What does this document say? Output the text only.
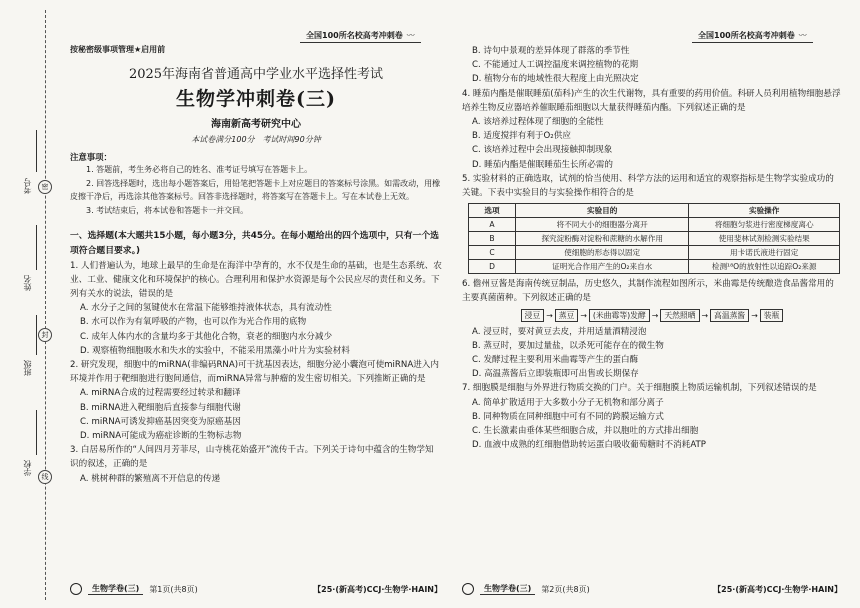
考号
姓名
班级
学校
密
封
线
全国100所名校高考冲刺卷 〰	全国100所名校高考冲刺卷 〰
按秘密级事项管理★启用前
2025年海南省普通高中学业水平选择性考试
生物学冲刺卷(三)
海南新高考研究中心
本试卷满分100分　考试时间90分钟
注意事项：
1. 答题前，考生务必将自己的姓名、准考证号填写在答题卡上。
2. 回答选择题时，选出每小题答案后，用铅笔把答题卡上对应题目的答案标号涂黑。如需改动，用橡皮擦干净后，再选涂其他答案标号。回答非选择题时，将答案写在答题卡上。写在本试卷上无效。
3. 考试结束后，将本试卷和答题卡一并交回。
一、选择题(本大题共15小题，每小题3分，共45分。在每小题给出的四个选项中，只有一个选项符合题目要求。)
1. 人们普遍认为，地球上最早的生命是在海洋中孕育的，水不仅是生命的基础，也是生态系统、农业、工业、健康文化和环境保护的核心。合理利用和保护水资源是每个公民应尽的责任和义务。下列有关水的说法，错误的是
A. 水分子之间的氢键使水在常温下能够维持液体状态，具有流动性
B. 水可以作为有氧呼吸的产物，也可以作为光合作用的底物
C. 成年人体内水的含量均多于其他化合物，衰老的细胞内水分减少
D. 观察植物细胞吸水和失水的实验中，不能采用黑藻小叶片为实验材料
2. 研究发现，细胞中的miRNA(非编码RNA)可干扰基因表达，细胞分泌小囊泡可使miRNA进入内环境并作用于靶细胞进行胞间通信，而miRNA异常与肿瘤的发生密切相关。下列推断正确的是
A. miRNA合成的过程需要经过转录和翻译
B. miRNA进入靶细胞后直接参与细胞代谢
C. miRNA可诱发抑癌基因突变为原癌基因
D. miRNA可能成为癌症诊断的生物标志物
3. 白居易所作的“人间四月芳菲尽，山寺桃花始盛开”流传千古。下列关于诗句中蕴含的生物学知识的叙述，正确的是
A. 桃树种群的繁殖离不开信息的传递
生物学卷(三)	第1页(共8页)	【25·(新高考)CCJ·生物学·HAIN】
B. 诗句中景观的差异体现了群落的季节性
C. 不能通过人工调控温度来调控植物的花期
D. 植物分布的地域性很大程度上由光照决定
4. 睡茄内酯是催眠睡茄(茄科)产生的次生代谢物，具有重要的药用价值。科研人员利用植物细胞悬浮培养生物反应器培养催眠睡茄细胞以大量获得睡茄内酯。下列叙述正确的是
A. 该培养过程体现了细胞的全能性
B. 适度搅拌有利于O₂供应
C. 该培养过程中会出现接触抑制现象
D. 睡茄内酯是催眠睡茄生长所必需的
5. 实验材料的正确选取，试剂的恰当使用、科学方法的运用和适宜的观察指标是生物学实验成功的关键。下表中实验目的与实验操作相符合的是
选项	实验目的	实验操作
A	将不同大小的细胞器分离开	将细胞匀浆进行密度梯度离心
B	探究淀粉酶对淀粉和蔗糖的水解作用	使用斐林试剂检测实验结果
C	使细胞的形态得以固定	用卡诺氏液进行固定
D	证明光合作用产生的O₂来自水	检测¹⁸O的放射性以追踪O₂来源
6. 儋州豆酱是海南传统豆制品，历史悠久，其制作流程如图所示，米曲霉是传统酿造食品酱常用的主要真菌菌种。下列叙述正确的是
浸豆 → 蒸豆 → (米曲霉等)发酵 → 天然照晒 → 高温蒸酱 → 装瓶
A. 浸豆时，要对黄豆去皮，并用适量酒精浸泡
B. 蒸豆时，要加过量盐，以杀死可能存在的微生物
C. 发酵过程主要利用米曲霉等产生的蛋白酶
D. 高温蒸酱后立即装瓶即可出售或长期保存
7. 细胞膜是细胞与外界进行物质交换的门户。关于细胞膜上物质运输机制，下列叙述错误的是
A. 简单扩散适用于大多数小分子无机物和部分离子
B. 同种物质在同种细胞中可有不同的跨膜运输方式
C. 生长激素由垂体某些细胞合成，并以胞吐的方式排出细胞
D. 血液中成熟的红细胞借助转运蛋白吸收葡萄糖时不消耗ATP
生物学卷(三)	第2页(共8页)	【25·(新高考)CCJ·生物学·HAIN】
